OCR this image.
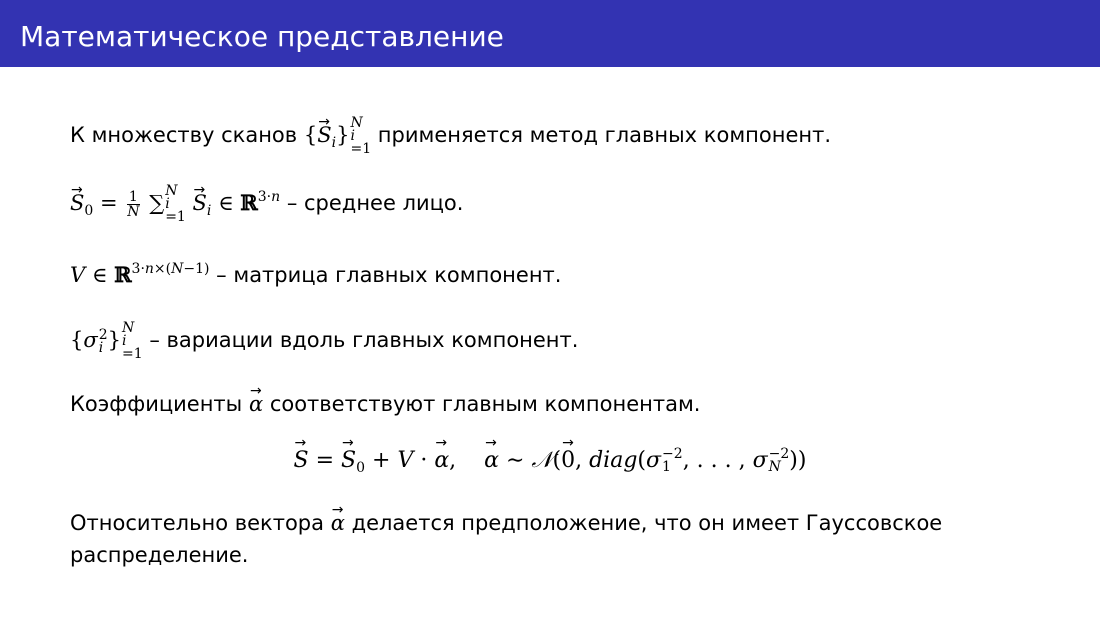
Математическое представление
К множеству сканов {→ $S_i$} N
i
=1
применяется метод главных компонент.
→ $S_0 = \frac{1}{N}$ ∑ N
i
=1
→ $S_i$ ∈ ℝ$^{3\cdot n}$ – среднее лицо.
V ∈ ℝ$^{3\cdot n\times(N-1)}$ – матрица главных компонент.
{σ 2
i } N
i
=1
– вариации вдоль главных компонент.
Коэффициенты → α соответствуют главным компонентам.
→ S = → $S_0 + V$ · → α,    → α ∼ 𝒩(→ 0, diag(σ −2
1 , . . . , σ −2
N ))
Относительно вектора → α делается предположение, что он имеет Гауссовское
распределение.
